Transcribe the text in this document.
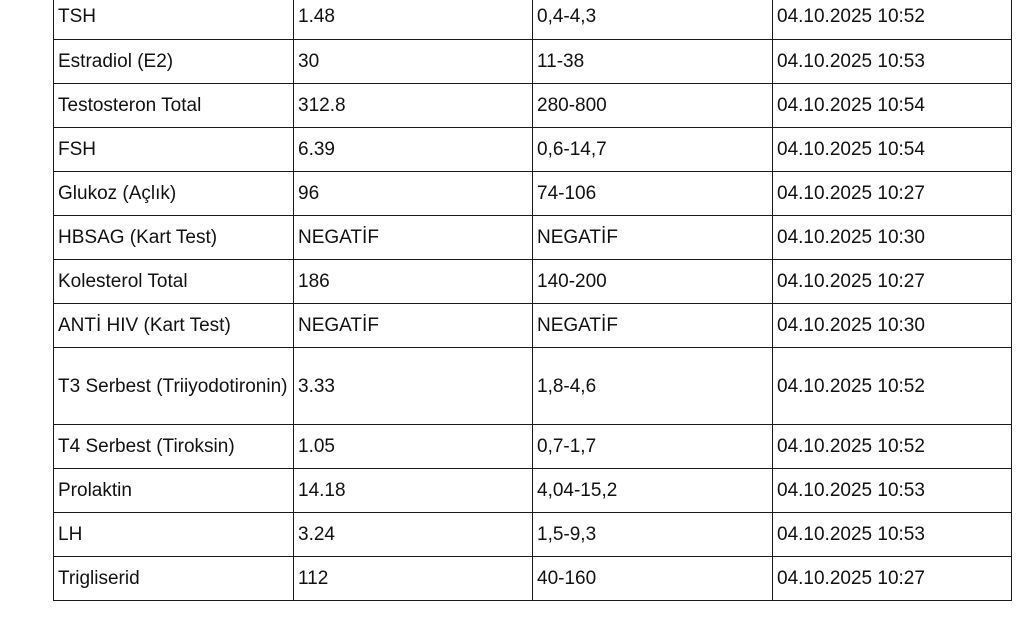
TSH	1.48	0,4-4,3	04.10.2025 10:52
Estradiol (E2)	30	11-38	04.10.2025 10:53
Testosteron Total	312.8	280-800	04.10.2025 10:54
FSH	6.39	0,6-14,7	04.10.2025 10:54
Glukoz (Açlık)	96	74-106	04.10.2025 10:27
HBSAG (Kart Test)	NEGATİF	NEGATİF	04.10.2025 10:30
Kolesterol Total	186	140-200	04.10.2025 10:27
ANTİ HIV (Kart Test)	NEGATİF	NEGATİF	04.10.2025 10:30
T3 Serbest (Triiyodotironin)	3.33	1,8-4,6	04.10.2025 10:52
T4 Serbest (Tiroksin)	1.05	0,7-1,7	04.10.2025 10:52
Prolaktin	14.18	4,04-15,2	04.10.2025 10:53
LH	3.24	1,5-9,3	04.10.2025 10:53
Trigliserid	112	40-160	04.10.2025 10:27
